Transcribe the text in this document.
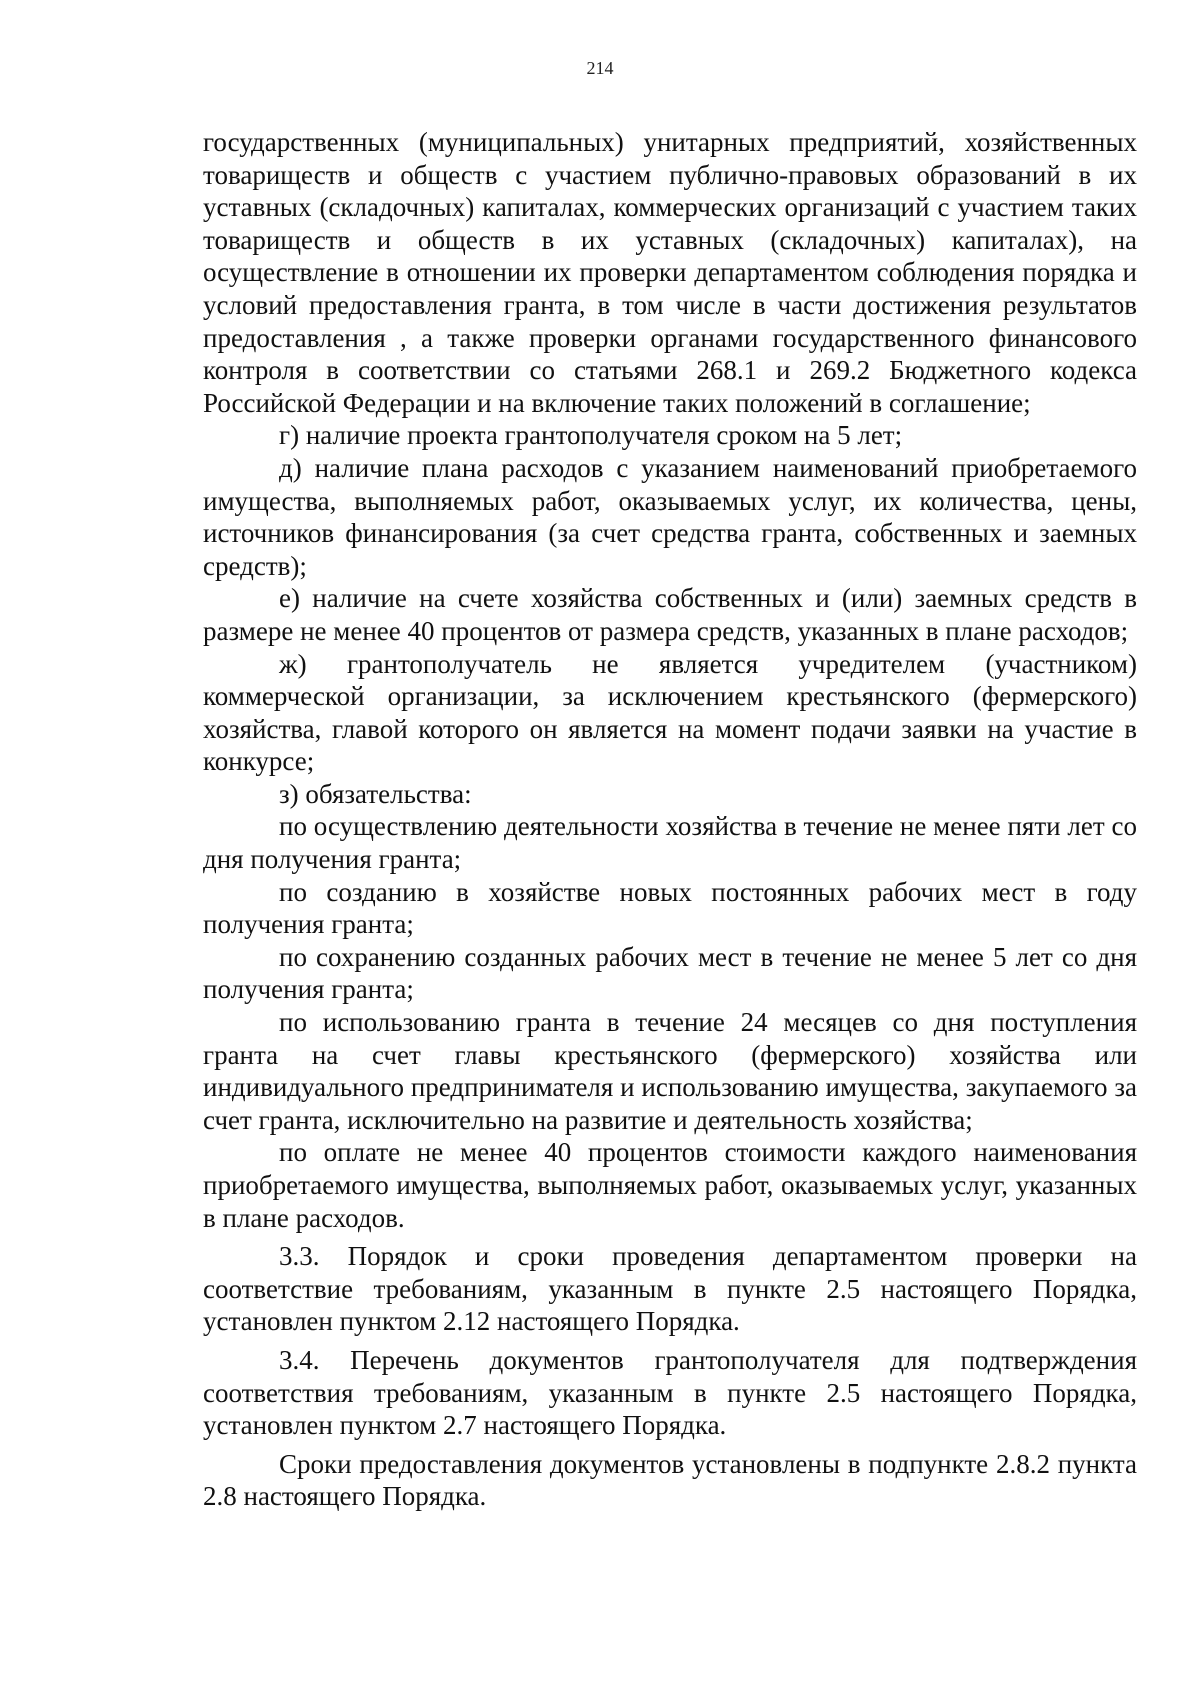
214

государственных (муниципальных) унитарных предприятий, хозяйственных товариществ и обществ с участием публично-правовых образований в их уставных (складочных) капиталах, коммерческих организаций с участием таких товариществ и обществ в их уставных (складочных) капиталах), на осуществление в отношении их проверки департаментом соблюдения порядка и условий предоставления гранта, в том числе в части достижения результатов предоставления , а также проверки органами государственного финансового контроля в соответствии со статьями 268.1 и 269.2 Бюджетного кодекса Российской Федерации и на включение таких положений в соглашение;

г) наличие проекта грантополучателя сроком на 5 лет;

д) наличие плана расходов с указанием наименований приобретаемого имущества, выполняемых работ, оказываемых услуг, их количества, цены, источников финансирования (за счет средства гранта, собственных и заемных средств);

е) наличие на счете хозяйства собственных и (или) заемных средств в размере не менее 40 процентов от размера средств, указанных в плане расходов;

ж) грантополучатель не является учредителем (участником) коммерческой организации, за исключением крестьянского (фермерского) хозяйства, главой которого он является на момент подачи заявки на участие в конкурсе;

з) обязательства:

по осуществлению деятельности хозяйства в течение не менее пяти лет со дня получения гранта;

по созданию в хозяйстве новых постоянных рабочих мест в году получения гранта;

по сохранению созданных рабочих мест в течение не менее 5 лет со дня получения гранта;

по использованию гранта в течение 24 месяцев со дня поступления гранта на счет главы крестьянского (фермерского) хозяйства или индивидуального предпринимателя и использованию имущества, закупаемого за счет гранта, исключительно на развитие и деятельность хозяйства;

по оплате не менее 40 процентов стоимости каждого наименования приобретаемого имущества, выполняемых работ, оказываемых услуг, указанных в плане расходов.

3.3. Порядок и сроки проведения департаментом проверки на соответствие требованиям, указанным в пункте 2.5 настоящего Порядка, установлен пунктом 2.12 настоящего Порядка.

3.4. Перечень документов грантополучателя для подтверждения соответствия требованиям, указанным в пункте 2.5 настоящего Порядка, установлен пунктом 2.7 настоящего Порядка.

Сроки предоставления документов установлены в подпункте 2.8.2 пункта 2.8 настоящего Порядка.
